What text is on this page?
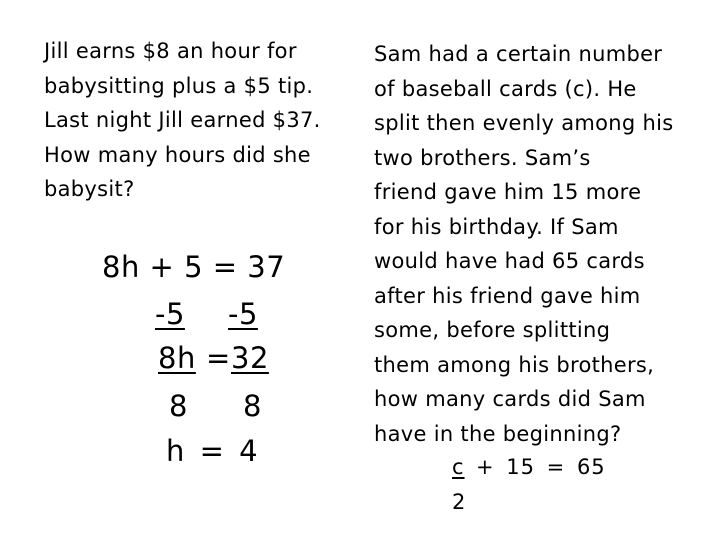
Jill earns $8 an hour for
babysitting plus a $5 tip.
Last night Jill earned $37.
How many hours did she
babysit?
8h + 5 = 37
-5 -5
8h = 32
8 8
h = 4
Sam had a certain number
of baseball cards (c). He
split then evenly among his
two brothers. Sam’s
friend gave him 15 more
for his birthday. If Sam
would have had 65 cards
after his friend gave him
some, before splitting
them among his brothers,
how many cards did Sam
have in the beginning?
c + 15 = 65
2
